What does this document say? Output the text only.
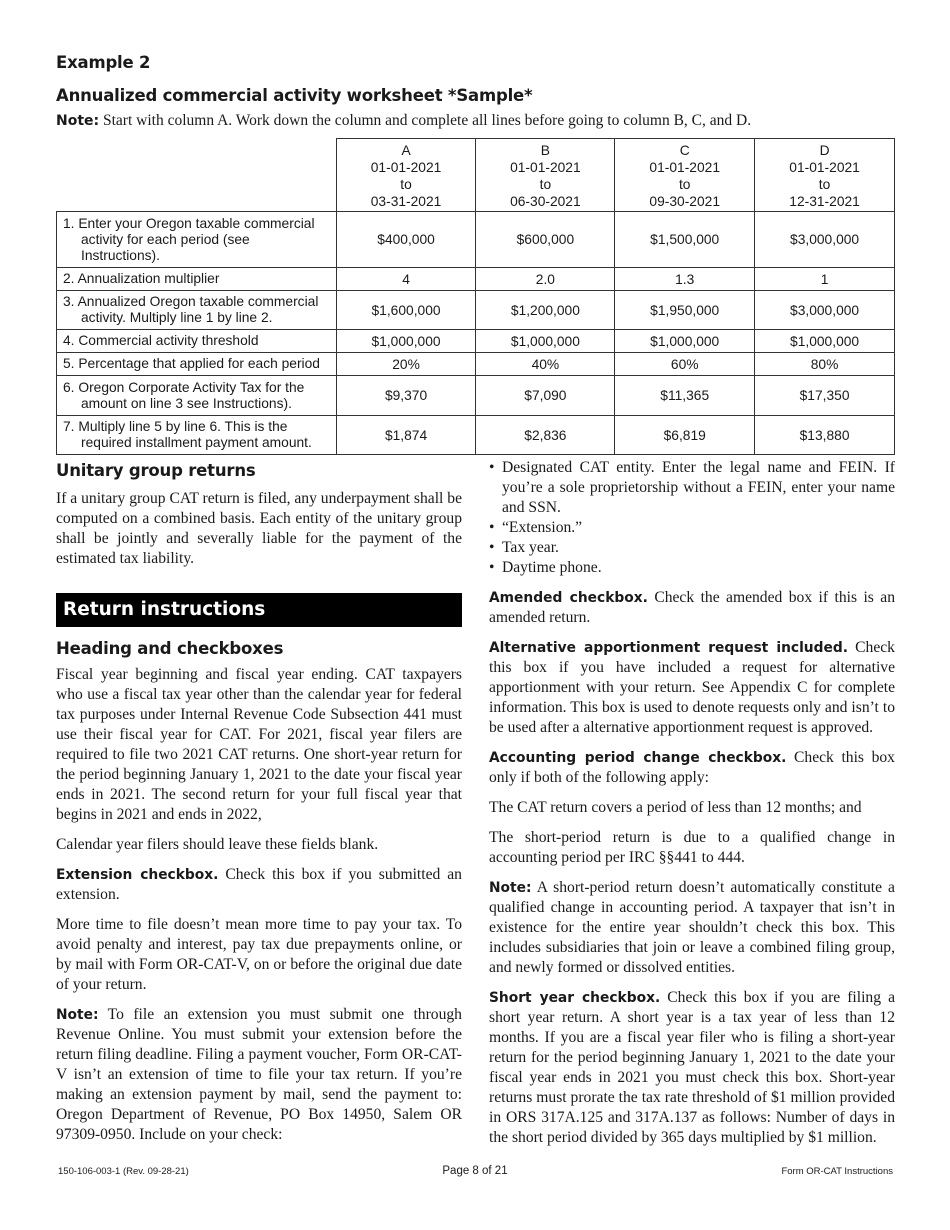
Example 2
Annualized commercial activity worksheet *Sample*
Note: Start with column A. Work down the column and complete all lines before going to column B, C, and D.
	A
01-01-2021
to
03-31-2021	B
01-01-2021
to
06-30-2021	C
01-01-2021
to
09-30-2021	D
01-01-2021
to
12-31-2021

1. Enter your Oregon taxable commercial activity for each period (see Instructions).	$400,000	$600,000	$1,500,000	$3,000,000

2. Annualization multiplier	4	2.0	1.3	1

3. Annualized Oregon taxable commercial activity. Multiply line 1 by line 2.	$1,600,000	$1,200,000	$1,950,000	$3,000,000

4. Commercial activity threshold	$1,000,000	$1,000,000	$1,000,000	$1,000,000

5. Percentage that applied for each period	20%	40%	60%	80%

6. Oregon Corporate Activity Tax for the amount on line 3 see Instructions).	$9,370	$7,090	$11,365	$17,350

7. Multiply line 5 by line 6. This is the required installment payment amount.	$1,874	$2,836	$6,819	$13,880
Unitary group returns

If a unitary group CAT return is filed, any underpayment shall be computed on a combined basis. Each entity of the unitary group shall be jointly and severally liable for the payment of the estimated tax liability.

Return instructions
Heading and checkboxes

Fiscal year beginning and fiscal year ending. CAT taxpayers who use a fiscal tax year other than the calendar year for federal tax purposes under Internal Revenue Code Subsection 441 must use their fiscal year for CAT. For 2021, fiscal year filers are required to file two 2021 CAT returns. One short-year return for the period beginning January 1, 2021 to the date your fiscal year ends in 2021. The second return for your full fiscal year that begins in 2021 and ends in 2022,

Calendar year filers should leave these fields blank.

Extension checkbox. Check this box if you submitted an extension.

More time to file doesn’t mean more time to pay your tax. To avoid penalty and interest, pay tax due prepayments online, or by mail with Form OR-CAT-V, on or before the original due date of your return.

Note: To file an extension you must submit one through Revenue Online. You must submit your extension before the return filing deadline. Filing a payment voucher, Form OR-CAT-V isn’t an extension of time to file your tax return. If you’re making an extension payment by mail, send the payment to: Oregon Department of Revenue, PO Box 14950, Salem OR 97309-0950. Include on your check:

• Designated CAT entity. Enter the legal name and FEIN. If you’re a sole proprietorship without a FEIN, enter your name and SSN.
• “Extension.”
• Tax year.
• Daytime phone.

Amended checkbox. Check the amended box if this is an amended return.

Alternative apportionment request included. Check this box if you have included a request for alternative apportionment with your return. See Appendix C for complete information. This box is used to denote requests only and isn’t to be used after a alternative apportionment request is approved.

Accounting period change checkbox. Check this box only if both of the following apply:

The CAT return covers a period of less than 12 months; and

The short-period return is due to a qualified change in accounting period per IRC §§441 to 444.

Note: A short-period return doesn’t automatically constitute a qualified change in accounting period. A taxpayer that isn’t in existence for the entire year shouldn’t check this box. This includes subsidiaries that join or leave a combined filing group, and newly formed or dissolved entities.

Short year checkbox. Check this box if you are filing a short year return. A short year is a tax year of less than 12 months. If you are a fiscal year filer who is filing a short-year return for the period beginning January 1, 2021 to the date your fiscal year ends in 2021 you must check this box. Short-year returns must prorate the tax rate threshold of $1 million provided in ORS 317A.125 and 317A.137 as follows: Number of days in the short period divided by 365 days multiplied by $1 million.

150-106-003-1 (Rev. 09-28-21)	Page 8 of 21	Form OR-CAT Instructions
